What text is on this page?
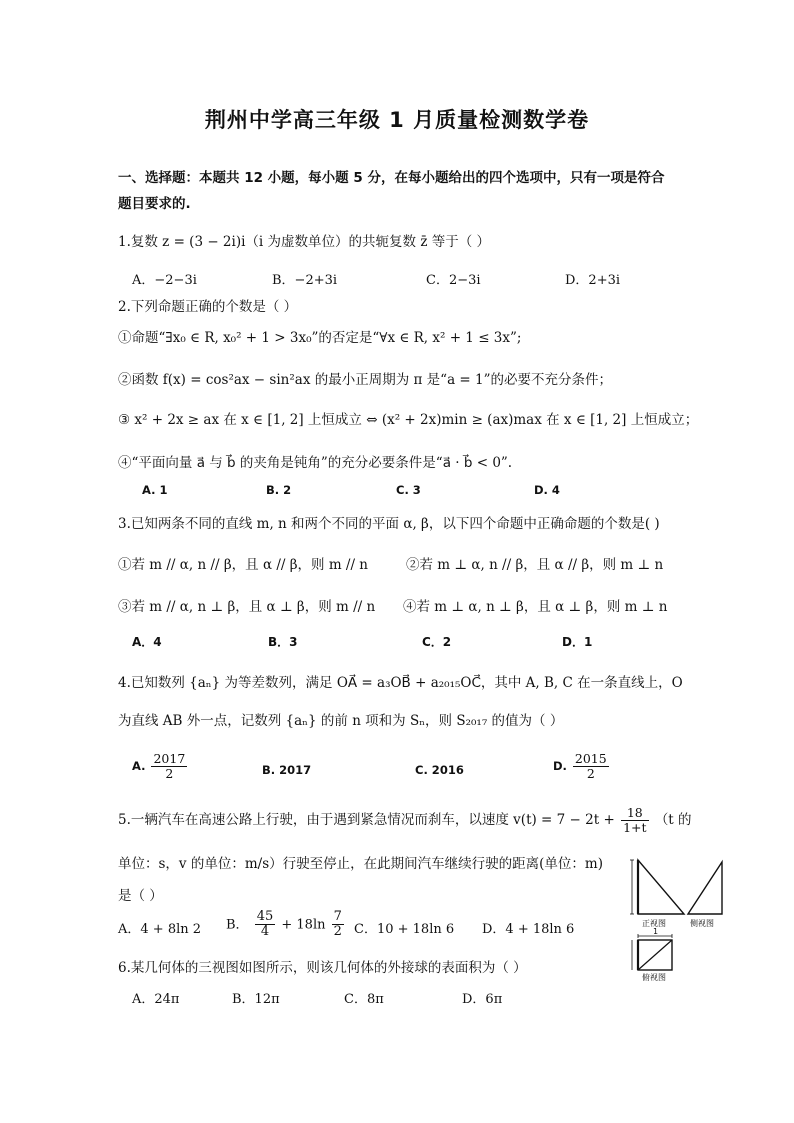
荆州中学高三年级 1 月质量检测数学卷
一、选择题：本题共 12 小题，每小题 5 分，在每小题给出的四个选项中，只有一项是符合
题目要求的.
1.复数 z = (3 − 2i)i（i 为虚数单位）的共轭复数 z̄ 等于（ ）
A．−2−3i	B．−2+3i	C．2−3i	D．2+3i
2.下列命题正确的个数是（ ）
①命题“∃x₀ ∈ R, x₀² + 1 > 3x₀”的否定是“∀x ∈ R, x² + 1 ≤ 3x”;
②函数 f(x) = cos²ax − sin²ax 的最小正周期为 π 是“a = 1”的必要不充分条件；
③ x² + 2x ≥ ax 在 x ∈ [1, 2] 上恒成立 ⇔ (x² + 2x)min ≥ (ax)max 在 x ∈ [1, 2] 上恒成立；
④“平面向量 a⃗ 与 b⃗ 的夹角是钝角”的充分必要条件是“a⃗ · b⃗ < 0”.
A. 1	B. 2	C. 3	D. 4
3.已知两条不同的直线 m, n 和两个不同的平面 α, β，以下四个命题中正确命题的个数是( )
①若 m // α, n // β，且 α // β，则 m // n	②若 m ⊥ α, n // β，且 α // β，则 m ⊥ n
③若 m // α, n ⊥ β，且 α ⊥ β，则 m // n ④若 m ⊥ α, n ⊥ β，且 α ⊥ β，则 m ⊥ n
A．4	B．3	C．2	D．1
4.已知数列 {aₙ} 为等差数列，满足 OA⃗ = a₃OB⃗ + a₂₀₁₅OC⃗，其中 A, B, C 在一条直线上，O
为直线 AB 外一点，记数列 {aₙ} 的前 n 项和为 Sₙ，则 S₂₀₁₇ 的值为（ ）
A. $\frac{2017}{2}$	B. 2017	C. 2016	D. $\frac{2015}{2}$
5.一辆汽车在高速公路上行驶，由于遇到紧急情况而刹车，以速度 $v(t) = 7 - 2t + \frac{18}{1+t} (t$ 的
单位：s，v 的单位：m/s）行驶至停止，在此期间汽车继续行驶的距离(单位：m)
是（ ）
A．4 + 8ln 2 B． $\frac{45}{4} + 18\ln \frac{7}{2}$ C．10 + 18ln 6 D．4 + 18ln 6
6.某几何体的三视图如图所示，则该几何体的外接球的表面积为（ ）
A．24π	B．12π	C．8π	D．6π
正视图	侧视图
俯视图
1
